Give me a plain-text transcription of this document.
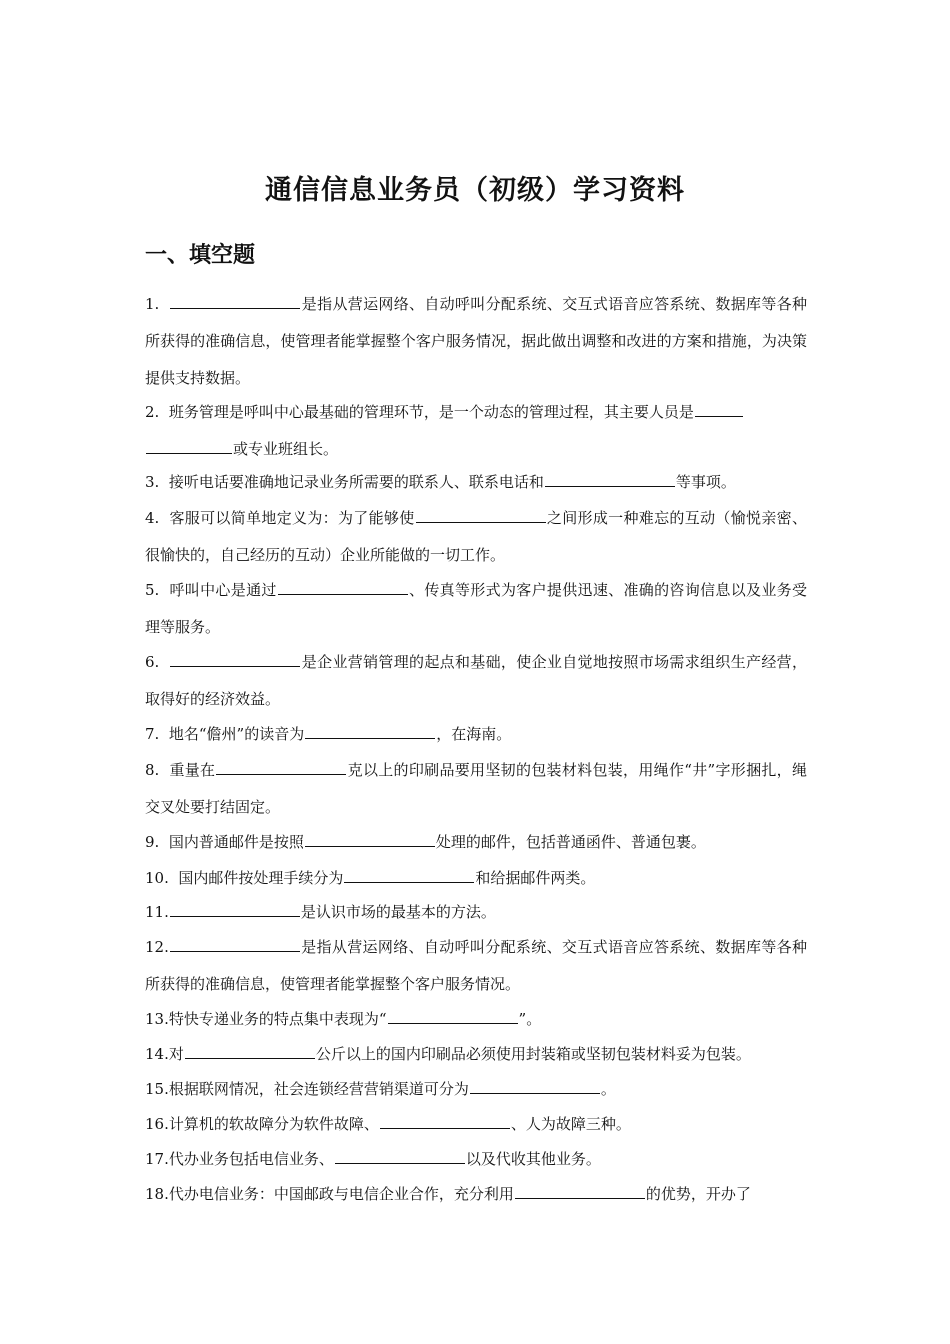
通信信息业务员（初级）学习资料
一、填空题
1.	是指从营运网络、自动呼叫分配系统、交互式语音应答系统、数据库等各种所获得的准确信息，使管理者能掌握整个客户服务情况，据此做出调整和改进的方案和措施，为决策提供支持数据。
2. 班务管理是呼叫中心最基础的管理环节，是一个动态的管理过程，其主要人员是
或专业班组长。
3. 接听电话要准确地记录业务所需要的联系人、联系电话和	等事项。
4. 客服可以简单地定义为：为了能够使	之间形成一种难忘的互动（愉悦亲密、很愉快的，自己经历的互动）企业所能做的一切工作。
5. 呼叫中心是通过	、传真等形式为客户提供迅速、准确的咨询信息以及业务受理等服务。
6.	是企业营销管理的起点和基础，使企业自觉地按照市场需求组织生产经营，取得好的经济效益。
7. 地名“儋州”的读音为	，在海南。
8. 重量在	克以上的印刷品要用坚韧的包装材料包装，用绳作“井”字形捆扎，绳交叉处要打结固定。
9. 国内普通邮件是按照	处理的邮件，包括普通函件、普通包裹。
10. 国内邮件按处理手续分为	和给据邮件两类。
11.	是认识市场的最基本的方法。
12.	是指从营运网络、自动呼叫分配系统、交互式语音应答系统、数据库等各种所获得的准确信息，使管理者能掌握整个客户服务情况。
13.特快专递业务的特点集中表现为“	”。
14.对	公斤以上的国内印刷品必须使用封装箱或坚韧包装材料妥为包装。
15.根据联网情况，社会连锁经营营销渠道可分为	。
16.计算机的软故障分为软件故障、	、人为故障三种。
17.代办业务包括电信业务、	以及代收其他业务。
18.代办电信业务：中国邮政与电信企业合作，充分利用	的优势，开办了
